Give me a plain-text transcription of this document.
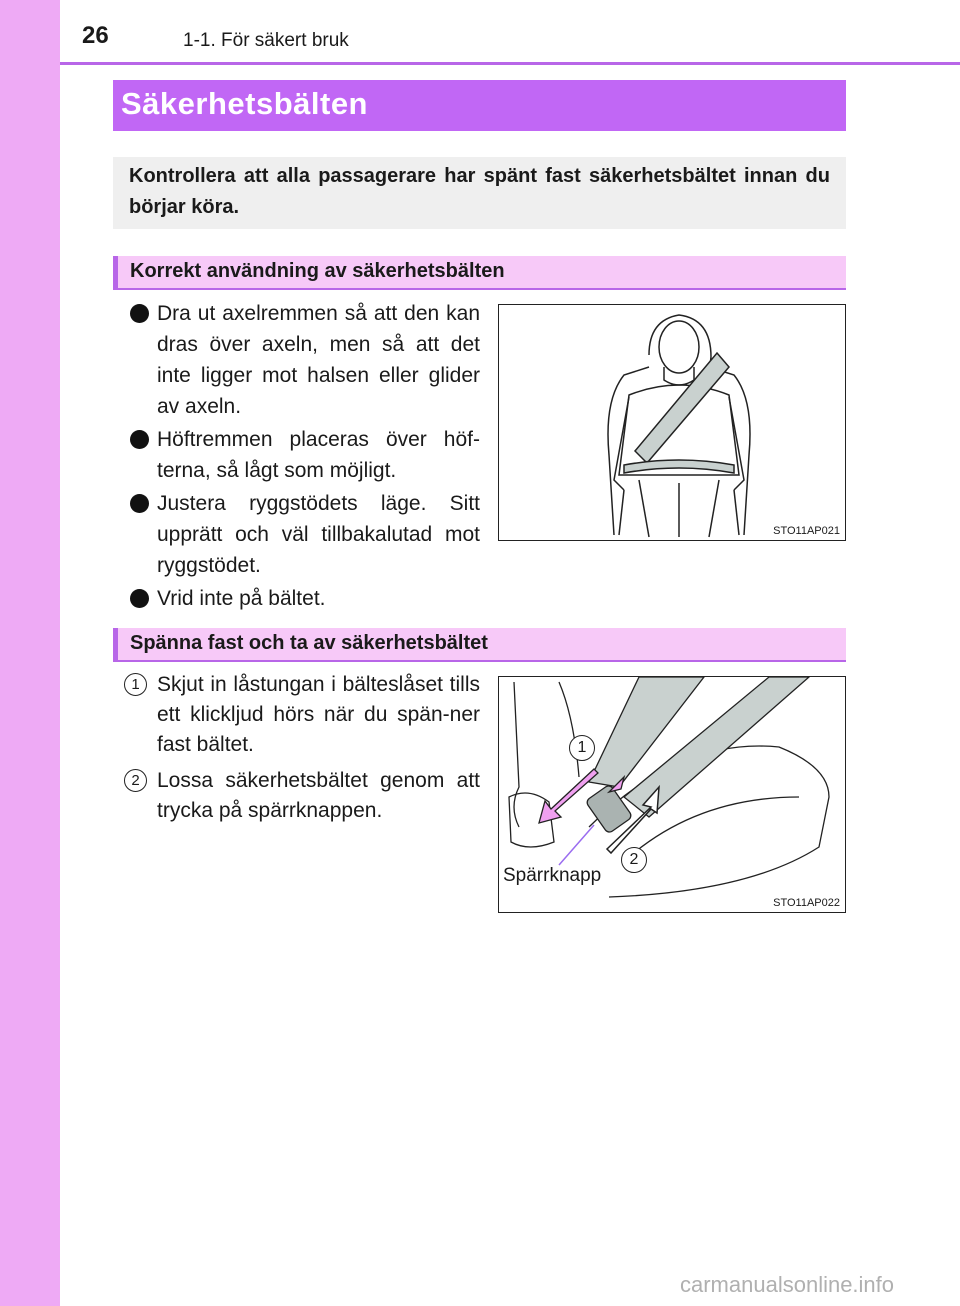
26	1-1. För säkert bruk
Säkerhetsbälten
Kontrollera att alla passagerare har spänt fast säkerhetsbältet innan du börjar köra.
Korrekt användning av säkerhetsbälten
Dra ut axelremmen så att den kan dras över axeln, men så att det inte ligger mot halsen eller glider av axeln.
Höftremmen placeras över höf-terna, så lågt som möjligt.
Justera ryggstödets läge. Sitt upprätt och väl tillbakalutad mot ryggstödet.
Vrid inte på bältet.
STO11AP021
Spänna fast och ta av säkerhetsbältet
1 Skjut in låstungan i bälteslåset tills ett klickljud hörs när du spän-ner fast bältet.
2 Lossa säkerhetsbältet genom att trycka på spärrknappen.
1
2
Spärrknapp
STO11AP022
carmanualsonline.info
